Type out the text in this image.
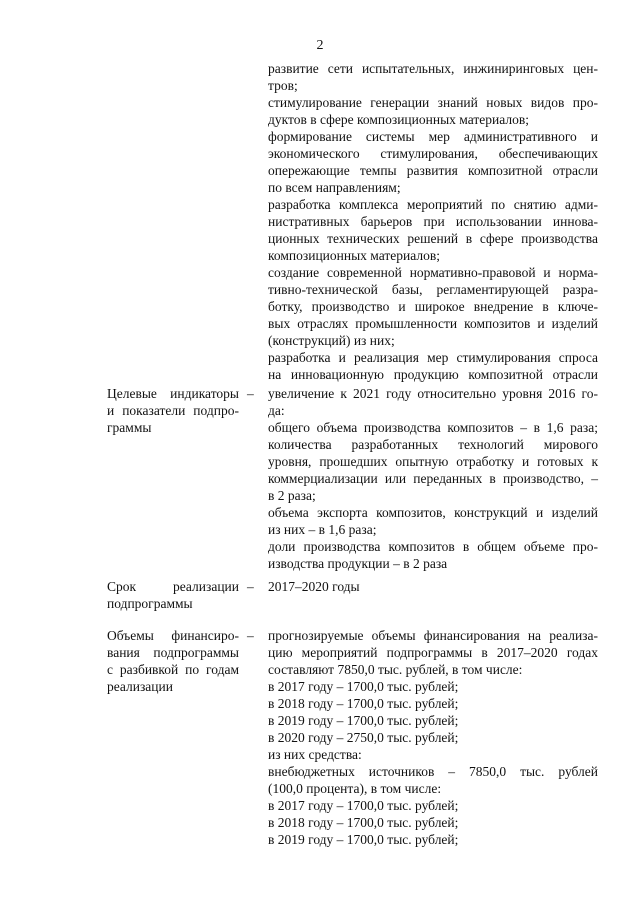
2
развитие сети испытательных, инжиниринговых цен-
тров;
стимулирование генерации знаний новых видов про-
дуктов в сфере композиционных материалов;
формирование системы мер административного и
экономического стимулирования, обеспечивающих
опережающие темпы развития композитной отрасли
по всем направлениям;
разработка комплекса мероприятий по снятию адми-
нистративных барьеров при использовании иннова-
ционных технических решений в сфере производства
композиционных материалов;
создание современной нормативно-правовой и норма-
тивно-технической базы, регламентирующей разра-
ботку, производство и широкое внедрение в ключе-
вых отраслях промышленности композитов и изделий
(конструкций) из них;
разработка и реализация мер стимулирования спроса
на инновационную продукцию композитной отрасли
Целевые индикаторы
и показатели подпро-
граммы
– увеличение к 2021 году относительно уровня 2016 го-
да:
общего объема производства композитов – в 1,6 раза;
количества разработанных технологий мирового
уровня, прошедших опытную отработку и готовых к
коммерциализации или переданных в производство, –
в 2 раза;
объема экспорта композитов, конструкций и изделий
из них – в 1,6 раза;
доли производства композитов в общем объеме про-
изводства продукции – в 2 раза
Срок реализации
подпрограммы
– 2017–2020 годы
Объемы финансиро-
вания подпрограммы
с разбивкой по годам
реализации
– прогнозируемые объемы финансирования на реализа-
цию мероприятий подпрограммы в 2017–2020 годах
составляют 7850,0 тыс. рублей, в том числе:
в 2017 году – 1700,0 тыс. рублей;
в 2018 году – 1700,0 тыс. рублей;
в 2019 году – 1700,0 тыс. рублей;
в 2020 году – 2750,0 тыс. рублей;
из них средства:
внебюджетных источников – 7850,0 тыс. рублей
(100,0 процента), в том числе:
в 2017 году – 1700,0 тыс. рублей;
в 2018 году – 1700,0 тыс. рублей;
в 2019 году – 1700,0 тыс. рублей;
